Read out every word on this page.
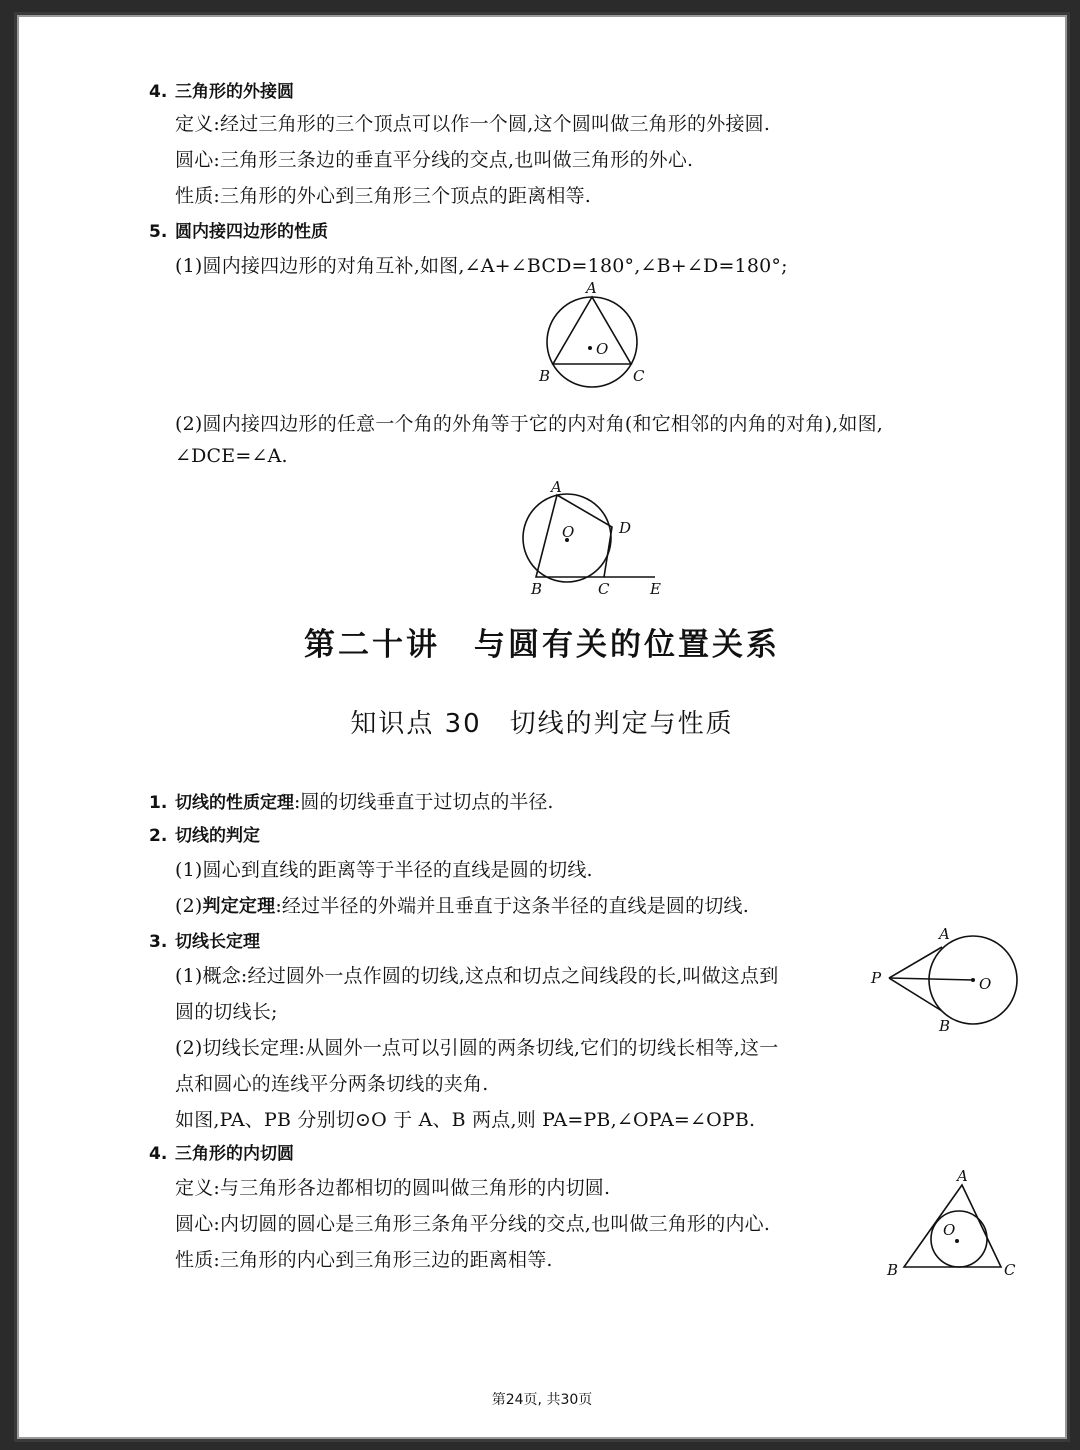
4. 三角形的外接圆
定义:经过三角形的三个顶点可以作一个圆,这个圆叫做三角形的外接圆.
圆心:三角形三条边的垂直平分线的交点,也叫做三角形的外心.
性质:三角形的外心到三角形三个顶点的距离相等.
5. 圆内接四边形的性质
(1)圆内接四边形的对角互补,如图,∠A+∠BCD=180°,∠B+∠D=180°;
A
B	C
O
(2)圆内接四边形的任意一个角的外角等于它的内对角(和它相邻的内角的对角),如图,
∠DCE=∠A.
A
D
B	C	E
O
第二十讲　与圆有关的位置关系
知识点 30　切线的判定与性质
1. 切线的性质定理:圆的切线垂直于过切点的半径.
2. 切线的判定
(1)圆心到直线的距离等于半径的直线是圆的切线.
(2)判定定理:经过半径的外端并且垂直于这条半径的直线是圆的切线.
3. 切线长定理
(1)概念:经过圆外一点作圆的切线,这点和切点之间线段的长,叫做这点到
圆的切线长;
(2)切线长定理:从圆外一点可以引圆的两条切线,它们的切线长相等,这一
点和圆心的连线平分两条切线的夹角.
如图,PA、PB 分别切⊙O 于 A、B 两点,则 PA=PB,∠OPA=∠OPB.
A
B
P	O
4. 三角形的内切圆
定义:与三角形各边都相切的圆叫做三角形的内切圆.
圆心:内切圆的圆心是三角形三条角平分线的交点,也叫做三角形的内心.
性质:三角形的内心到三角形三边的距离相等.
A
B	C
O
第24页, 共30页
